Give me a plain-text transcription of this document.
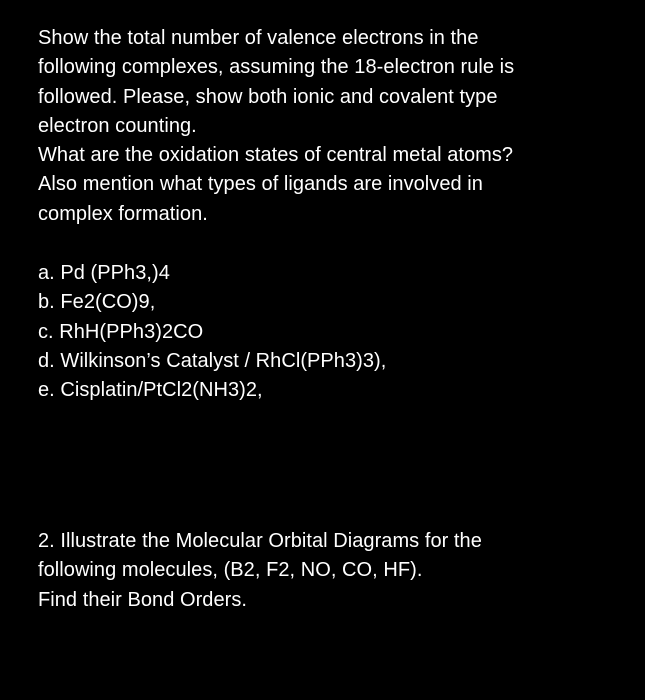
Show the total number of valence electrons in the
following complexes, assuming the 18-electron rule is
followed. Please, show both ionic and covalent type
electron counting.
What are the oxidation states of central metal atoms?
Also mention what types of ligands are involved in
complex formation.
a. Pd (PPh3,)4
b. Fe2(CO)9,
c. RhH(PPh3)2CO
d. Wilkinson’s Catalyst / RhCl(PPh3)3),
e. Cisplatin/PtCl2(NH3)2,
2. Illustrate the Molecular Orbital Diagrams for the
following molecules, (B2, F2, NO, CO, HF).
Find their Bond Orders.
